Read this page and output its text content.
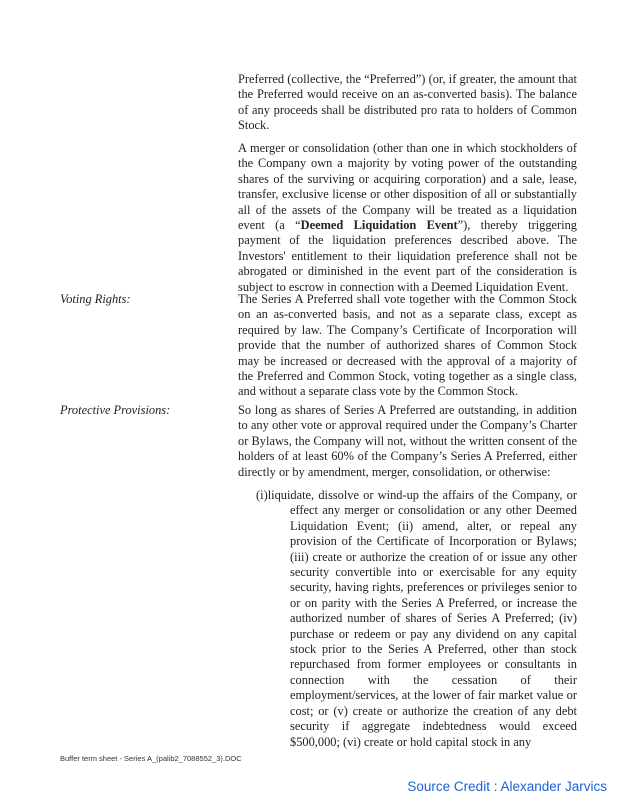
Preferred (collective, the “Preferred”) (or, if greater, the amount that the Preferred would receive on an as-converted basis). The balance of any proceeds shall be distributed pro rata to holders of Common Stock.

A merger or consolidation (other than one in which stockholders of the Company own a majority by voting power of the outstanding shares of the surviving or acquiring corporation) and a sale, lease, transfer, exclusive license or other disposition of all or substantially all of the assets of the Company will be treated as a liquidation event (a “Deemed Liquidation Event”), thereby triggering payment of the liquidation preferences described above. The Investors' entitlement to their liquidation preference shall not be abrogated or diminished in the event part of the consideration is subject to escrow in connection with a Deemed Liquidation Event.

Voting Rights:	The Series A Preferred shall vote together with the Common Stock on an as-converted basis, and not as a separate class, except as required by law. The Company’s Certificate of Incorporation will provide that the number of authorized shares of Common Stock may be increased or decreased with the approval of a majority of the Preferred and Common Stock, voting together as a single class, and without a separate class vote by the Common Stock.

Protective Provisions:	So long as shares of Series A Preferred are outstanding, in addition to any other vote or approval required under the Company’s Charter or Bylaws, the Company will not, without the written consent of the holders of at least 60% of the Company’s Series A Preferred, either directly or by amendment, merger, consolidation, or otherwise:

(i)liquidate, dissolve or wind-up the affairs of the Company, or effect any merger or consolidation or any other Deemed Liquidation Event; (ii) amend, alter, or repeal any provision of the Certificate of Incorporation or Bylaws; (iii) create or authorize the creation of or issue any other security convertible into or exercisable for any equity security, having rights, preferences or privileges senior to or on parity with the Series A Preferred, or increase the authorized number of shares of Series A Preferred; (iv) purchase or redeem or pay any dividend on any capital stock prior to the Series A Preferred, other than stock repurchased from former employees or consultants in connection with the cessation of their employment/services, at the lower of fair market value or cost; or (v) create or authorize the creation of any debt security if aggregate indebtedness would exceed $500,000; (vi) create or hold capital stock in any

Buffer term sheet - Series A_(palib2_7088552_3).DOC
Source Credit : Alexander Jarvics
